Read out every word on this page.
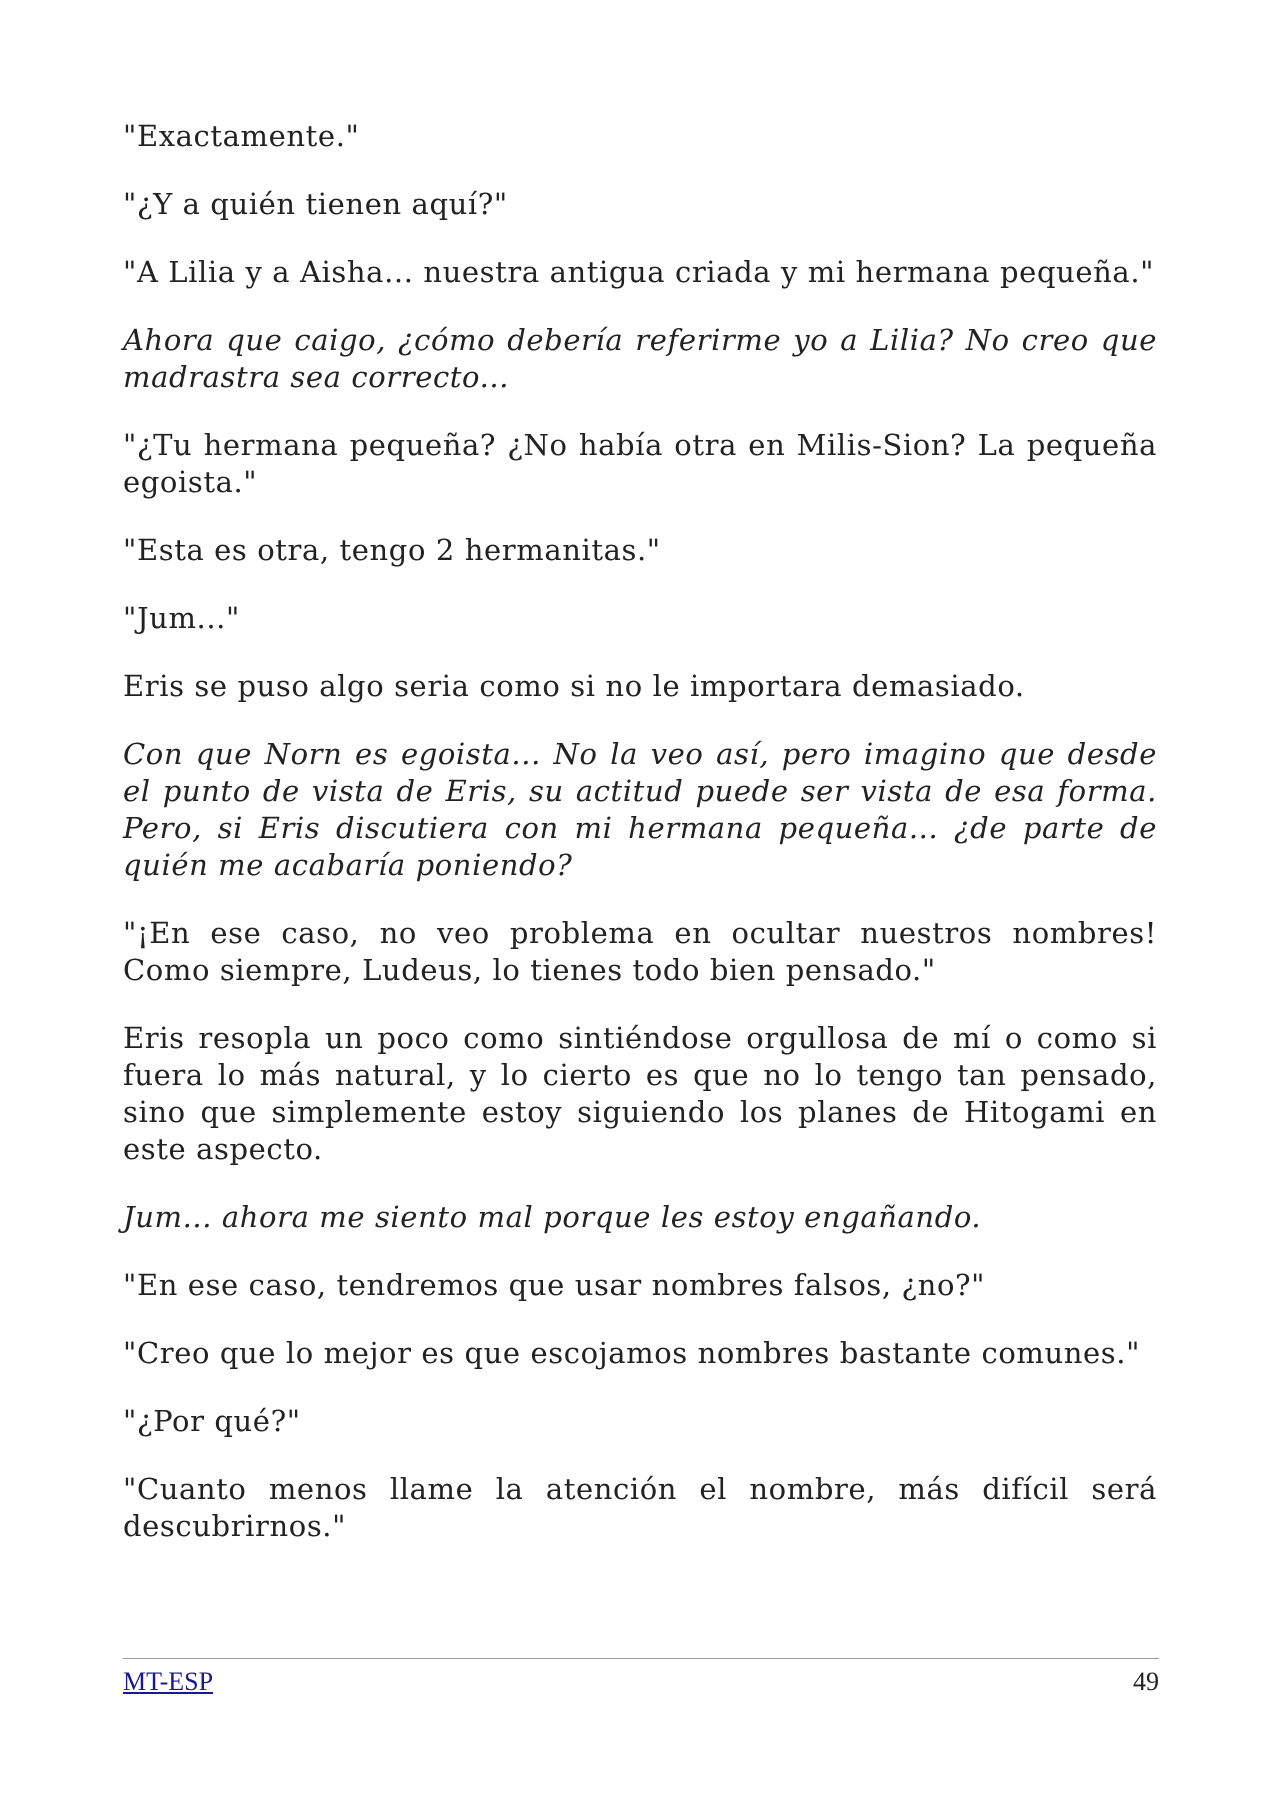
"Exactamente."

"¿Y a quién tienen aquí?"

"A Lilia y a Aisha... nuestra antigua criada y mi hermana pequeña."

Ahora que caigo, ¿cómo debería referirme yo a Lilia? No creo que madrastra sea correcto...

"¿Tu hermana pequeña? ¿No había otra en Milis-Sion? La pequeña egoista."

"Esta es otra, tengo 2 hermanitas."

"Jum..."

Eris se puso algo seria como si no le importara demasiado.

Con que Norn es egoista... No la veo así, pero imagino que desde el punto de vista de Eris, su actitud puede ser vista de esa forma. Pero, si Eris discutiera con mi hermana pequeña... ¿de parte de quién me acabaría poniendo?

"¡En ese caso, no veo problema en ocultar nuestros nombres! Como siempre, Ludeus, lo tienes todo bien pensado."

Eris resopla un poco como sintiéndose orgullosa de mí o como si fuera lo más natural, y lo cierto es que no lo tengo tan pensado, sino que simplemente estoy siguiendo los planes de Hitogami en este aspecto.

Jum... ahora me siento mal porque les estoy engañando.

"En ese caso, tendremos que usar nombres falsos, ¿no?"

"Creo que lo mejor es que escojamos nombres bastante comunes."

"¿Por qué?"

"Cuanto menos llame la atención el nombre, más difícil será descubrirnos."

MT-ESP	49
